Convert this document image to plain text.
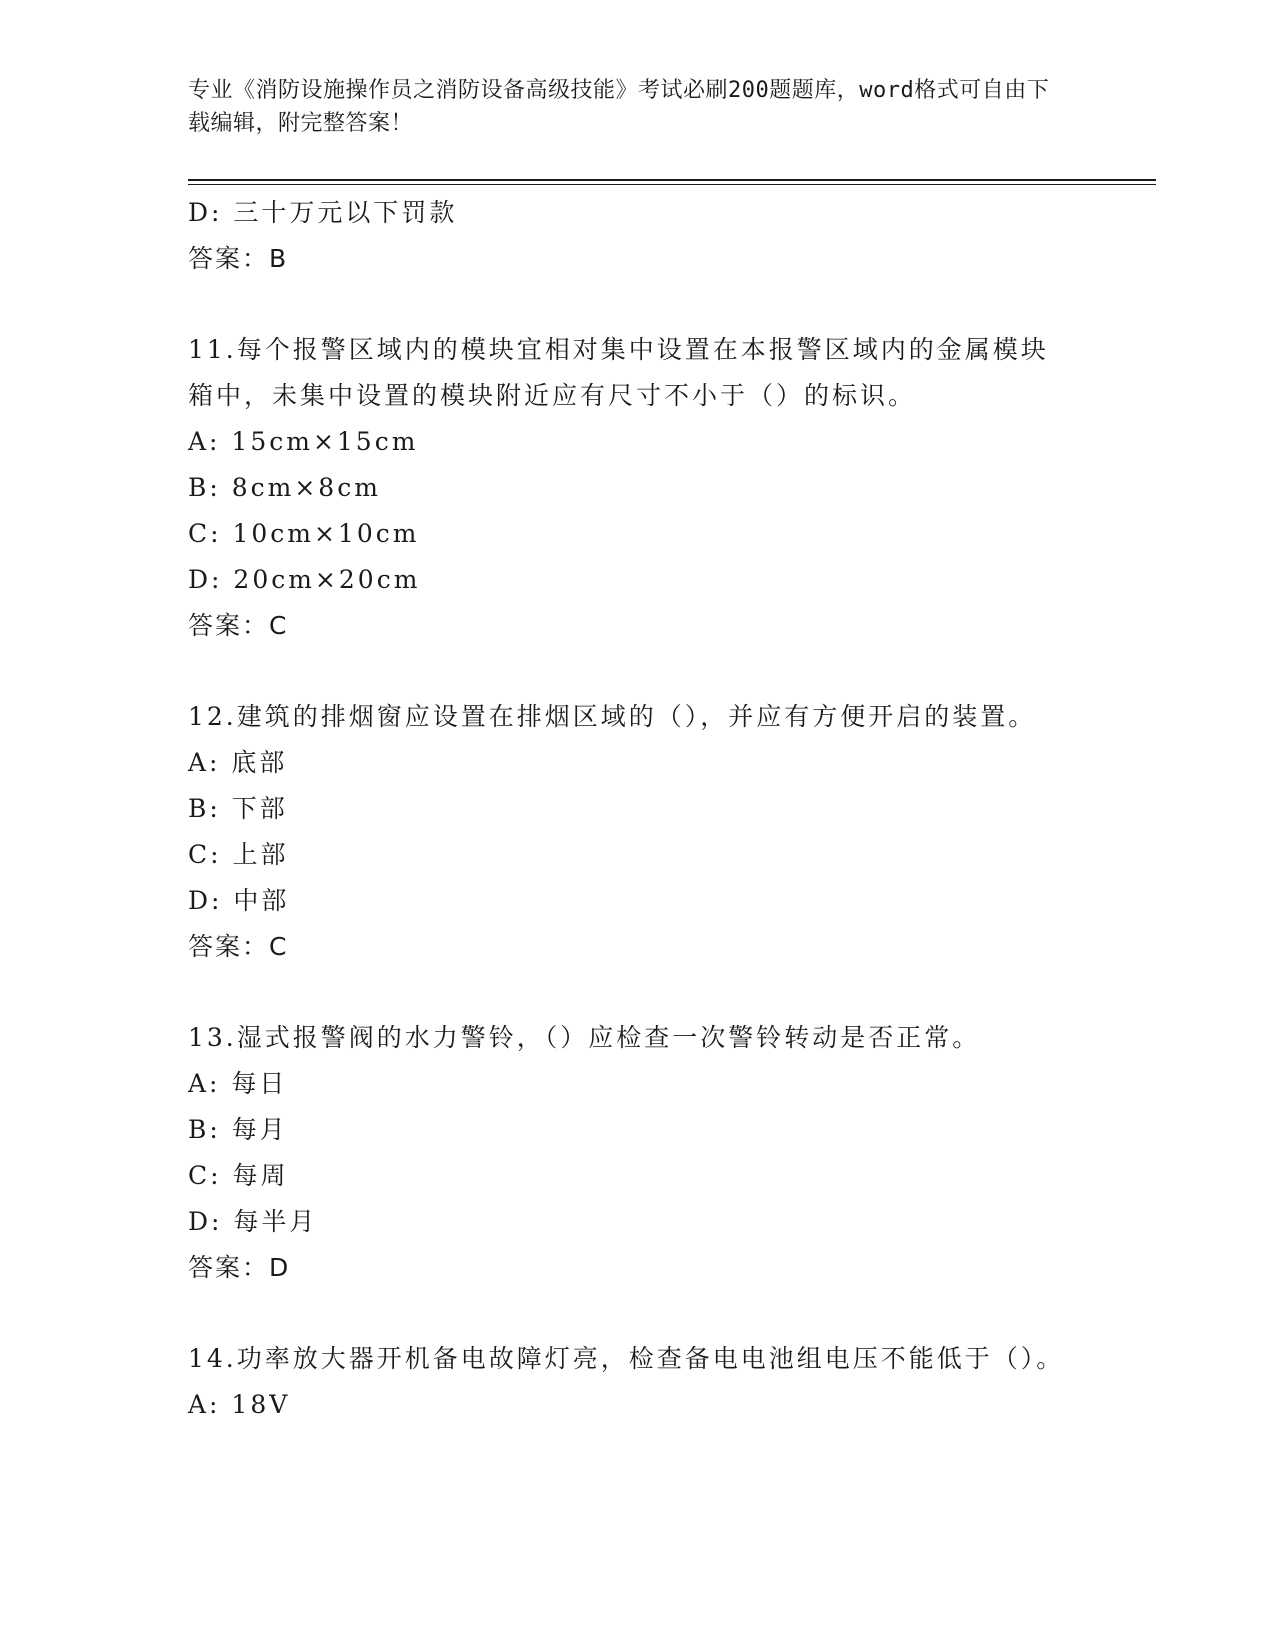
专业《消防设施操作员之消防设备高级技能》考试必刷200题题库，word格式可自由下载编辑，附完整答案！
D: 三十万元以下罚款
答案：B
11.每个报警区域内的模块宜相对集中设置在本报警区域内的金属模块箱中，未集中设置的模块附近应有尺寸不小于（）的标识。
A: 15cm×15cm
B: 8cm×8cm
C: 10cm×10cm
D: 20cm×20cm
答案：C
12.建筑的排烟窗应设置在排烟区域的（），并应有方便开启的装置。
A: 底部
B: 下部
C: 上部
D: 中部
答案：C
13.湿式报警阀的水力警铃，（）应检查一次警铃转动是否正常。
A: 每日
B: 每月
C: 每周
D: 每半月
答案：D
14.功率放大器开机备电故障灯亮，检查备电电池组电压不能低于（）。
A: 18V
